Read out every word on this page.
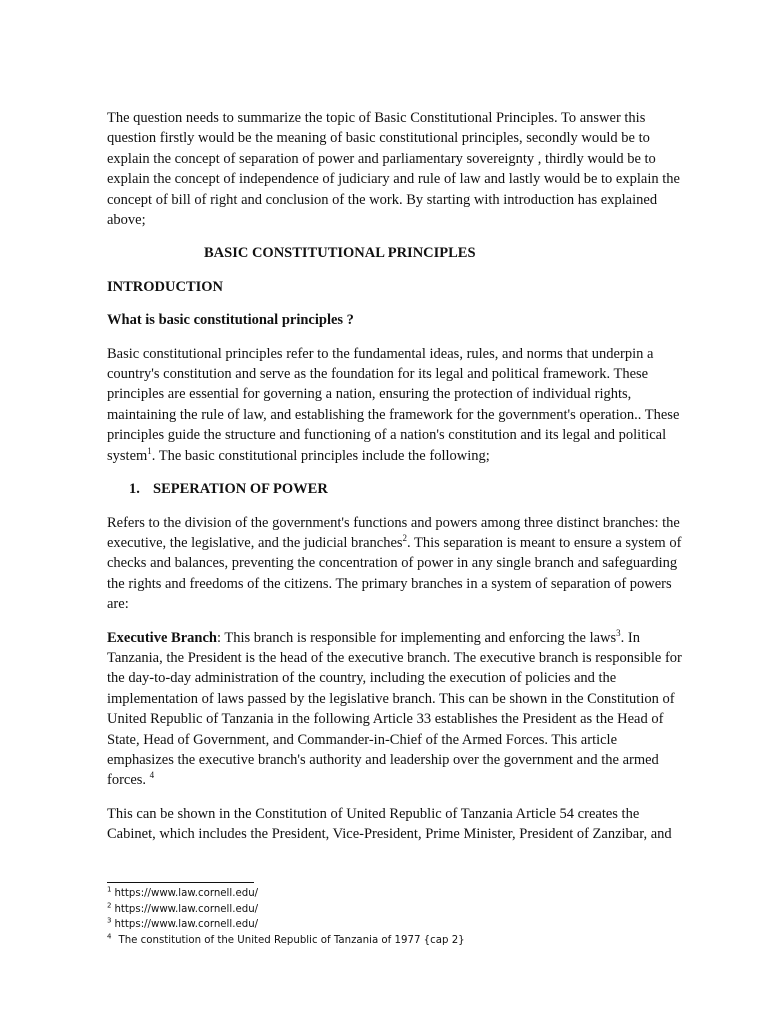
The question needs to summarize the topic of Basic Constitutional Principles. To answer this question firstly would be the meaning of basic constitutional principles, secondly would be to explain the concept of separation of power and parliamentary sovereignty , thirdly would be to explain the concept of independence of judiciary and rule of law and lastly would be to explain the concept of bill of right and conclusion of the work. By starting with introduction has explained above;

BASIC CONSTITUTIONAL PRINCIPLES
INTRODUCTION
What is basic constitutional principles ?

Basic constitutional principles refer to the fundamental ideas, rules, and norms that underpin a country's constitution and serve as the foundation for its legal and political framework. These principles are essential for governing a nation, ensuring the protection of individual rights, maintaining the rule of law, and establishing the framework for the government's operation.. These principles guide the structure and functioning of a nation's constitution and its legal and political system$^1$. The basic constitutional principles include the following;

1. SEPERATION OF POWER

Refers to the division of the government's functions and powers among three distinct branches: the executive, the legislative, and the judicial branches$^2$. This separation is meant to ensure a system of checks and balances, preventing the concentration of power in any single branch and safeguarding the rights and freedoms of the citizens. The primary branches in a system of separation of powers are:

Executive Branch: This branch is responsible for implementing and enforcing the laws$^3$. In Tanzania, the President is the head of the executive branch. The executive branch is responsible for the day-to-day administration of the country, including the execution of policies and the implementation of laws passed by the legislative branch. This can be shown in the Constitution of United Republic of Tanzania in the following Article 33 establishes the President as the Head of State, Head of Government, and Commander-in-Chief of the Armed Forces. This article emphasizes the executive branch's authority and leadership over the government and the armed forces. $^4$

This can be shown in the Constitution of United Republic of Tanzania Article 54 creates the Cabinet, which includes the President, Vice-President, Prime Minister, President of Zanzibar, and

$^1$ https://www.law.cornell.edu/
$^2$ https://www.law.cornell.edu/
$^3$ https://www.law.cornell.edu/
$^4$ The constitution of the United Republic of Tanzania of 1977 {cap 2}
